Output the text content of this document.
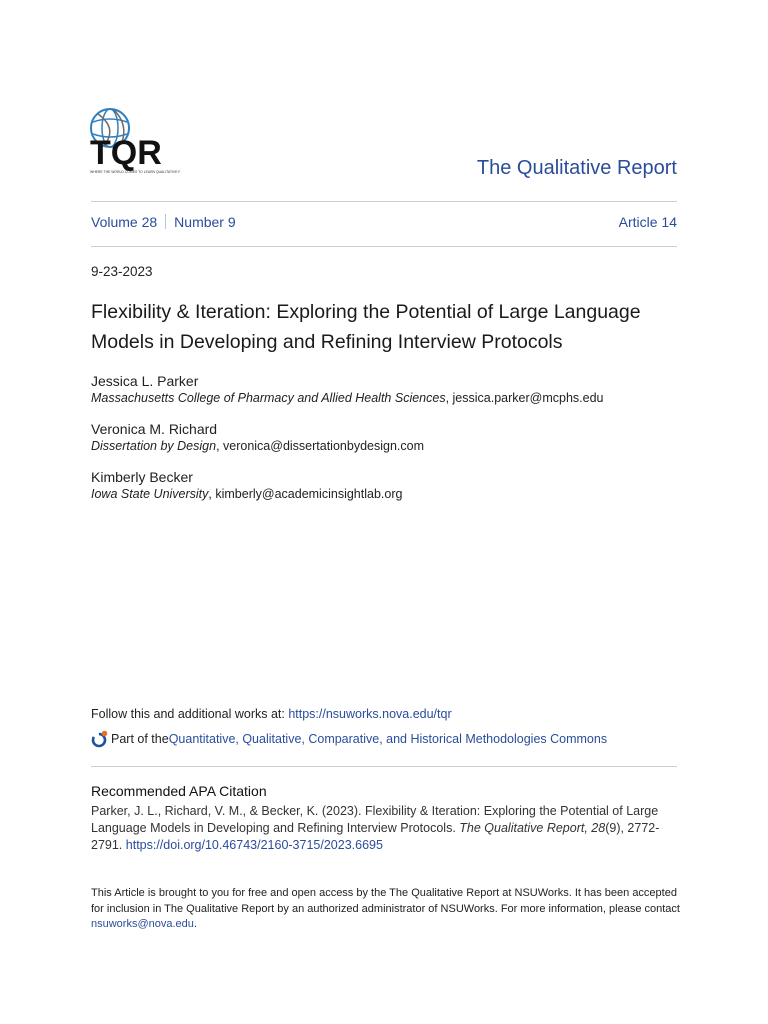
TQR
WHERE THE WORLD COMES TO LEARN QUALITATIVE	The Qualitative Report
Volume 28 Number 9	Article 14
9-23-2023
Flexibility & Iteration: Exploring the Potential of Large Language
Models in Developing and Refining Interview Protocols
Jessica L. Parker
Massachusetts College of Pharmacy and Allied Health Sciences, jessica.parker@mcphs.edu
Veronica M. Richard
Dissertation by Design, veronica@dissertationbydesign.com
Kimberly Becker
Iowa State University, kimberly@academicinsightlab.org
Follow this and additional works at: https://nsuworks.nova.edu/tqr
Part of the Quantitative, Qualitative, Comparative, and Historical Methodologies Commons
Recommended APA Citation
Parker, J. L., Richard, V. M., & Becker, K. (2023). Flexibility & Iteration: Exploring the Potential of Large Language Models in Developing and Refining Interview Protocols. The Qualitative Report, 28(9), 2772-2791. https://doi.org/10.46743/2160-3715/2023.6695
This Article is brought to you for free and open access by the The Qualitative Report at NSUWorks. It has been accepted for inclusion in The Qualitative Report by an authorized administrator of NSUWorks. For more information, please contact nsuworks@nova.edu.
